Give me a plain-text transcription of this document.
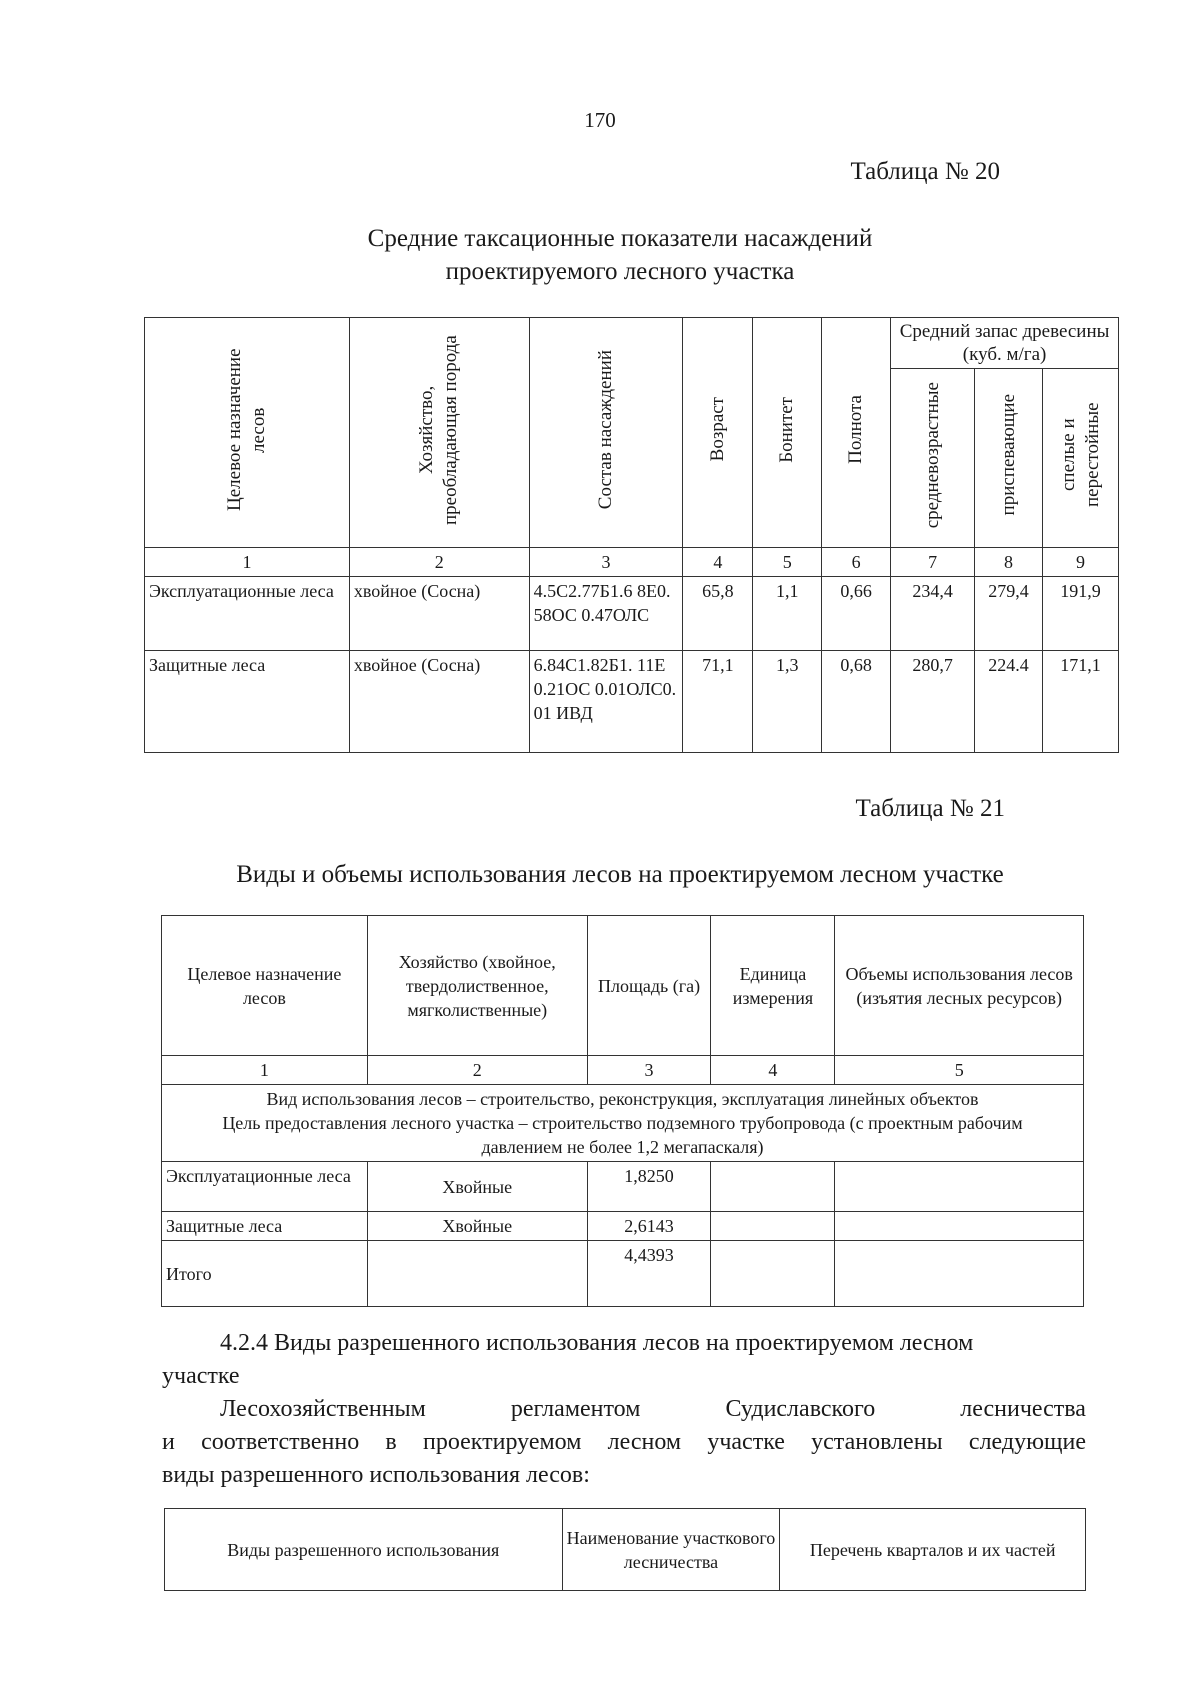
170
Таблица № 20
Средние таксационные показатели насаждений
проектируемого лесного участка
Целевое назначение лесов	Хозяйство, преобладающая порода	Состав насаждений	Возраст	Бонитет	Полнота	Средний запас древесины (куб. м/га)		
						средневозрастные	приспевающие	спелые и перестойные
1	2	3	4	5	6	7	8	9
Эксплуатационные леса	хвойное (Сосна)	4.5С2.77Б1.6 8Е0.58ОС 0.47ОЛС	65,8	1,1	0,66	234,4	279,4	191,9
Защитные леса	хвойное (Сосна)	6.84С1.82Б1. 11Е0.21ОС 0.01ОЛС0.01 ИВД	71,1	1,3	0,68	280,7	224.4	171,1
Таблица № 21
Виды и объемы использования лесов на проектируемом лесном участке
Целевое назначение лесов	Хозяйство (хвойное, твердолиственное, мягколиственные)	Площадь (га)	Единица измерения	Объемы использования лесов (изъятия лесных ресурсов)
1	2	3	4	5

Вид использования лесов – строительство, реконструкция, эксплуатация линейных объектов
Цель предоставления лесного участка – строительство подземного трубопровода (с проектным рабочим давлением не более 1,2 мегапаскаля)				

Эксплуатационные леса	Хвойные	1,8250		
Защитные леса	Хвойные	2,6143		
Итого		4,4393		
4.2.4 Виды разрешенного использования лесов на проектируемом лесном
участке
Лесохозяйственным	регламентом	Судиславского	лесничества
и соответственно в проектируемом лесном участке установлены следующие
виды разрешенного использования лесов:
Виды разрешенного использования	Наименование участкового лесничества	Перечень кварталов и их частей
